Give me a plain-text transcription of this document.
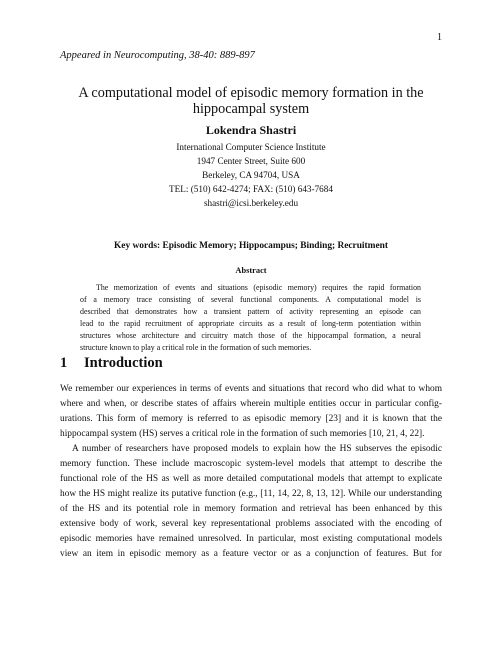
1
Appeared in Neurocomputing, 38-40: 889-897
A computational model of episodic memory formation in the
hippocampal system
Lokendra Shastri
International Computer Science Institute
1947 Center Street, Suite 600
Berkeley, CA 94704, USA
TEL: (510) 642-4274; FAX: (510) 643-7684
shastri@icsi.berkeley.edu
Key words: Episodic Memory; Hippocampus; Binding; Recruitment
Abstract
The memorization of events and situations (episodic memory) requires the rapid formation
of a memory trace consisting of several functional components. A computational model is
described that demonstrates how a transient pattern of activity representing an episode can
lead to the rapid recruitment of appropriate circuits as a result of long-term potentiation within
structures whose architecture and circuitry match those of the hippocampal formation, a neural
structure known to play a critical role in the formation of such memories.
1 Introduction
We remember our experiences in terms of events and situations that record who did what to whom
where and when, or describe states of affairs wherein multiple entities occur in particular config-
urations. This form of memory is referred to as episodic memory [23] and it is known that the
hippocampal system (HS) serves a critical role in the formation of such memories [10, 21, 4, 22].
A number of researchers have proposed models to explain how the HS subserves the episodic
memory function. These include macroscopic system-level models that attempt to describe the
functional role of the HS as well as more detailed computational models that attempt to explicate
how the HS might realize its putative function (e.g., [11, 14, 22, 8, 13, 12]. While our understanding
of the HS and its potential role in memory formation and retrieval has been enhanced by this
extensive body of work, several key representational problems associated with the encoding of
episodic memories have remained unresolved. In particular, most existing computational models
view an item in episodic memory as a feature vector or as a conjunction of features. But for
